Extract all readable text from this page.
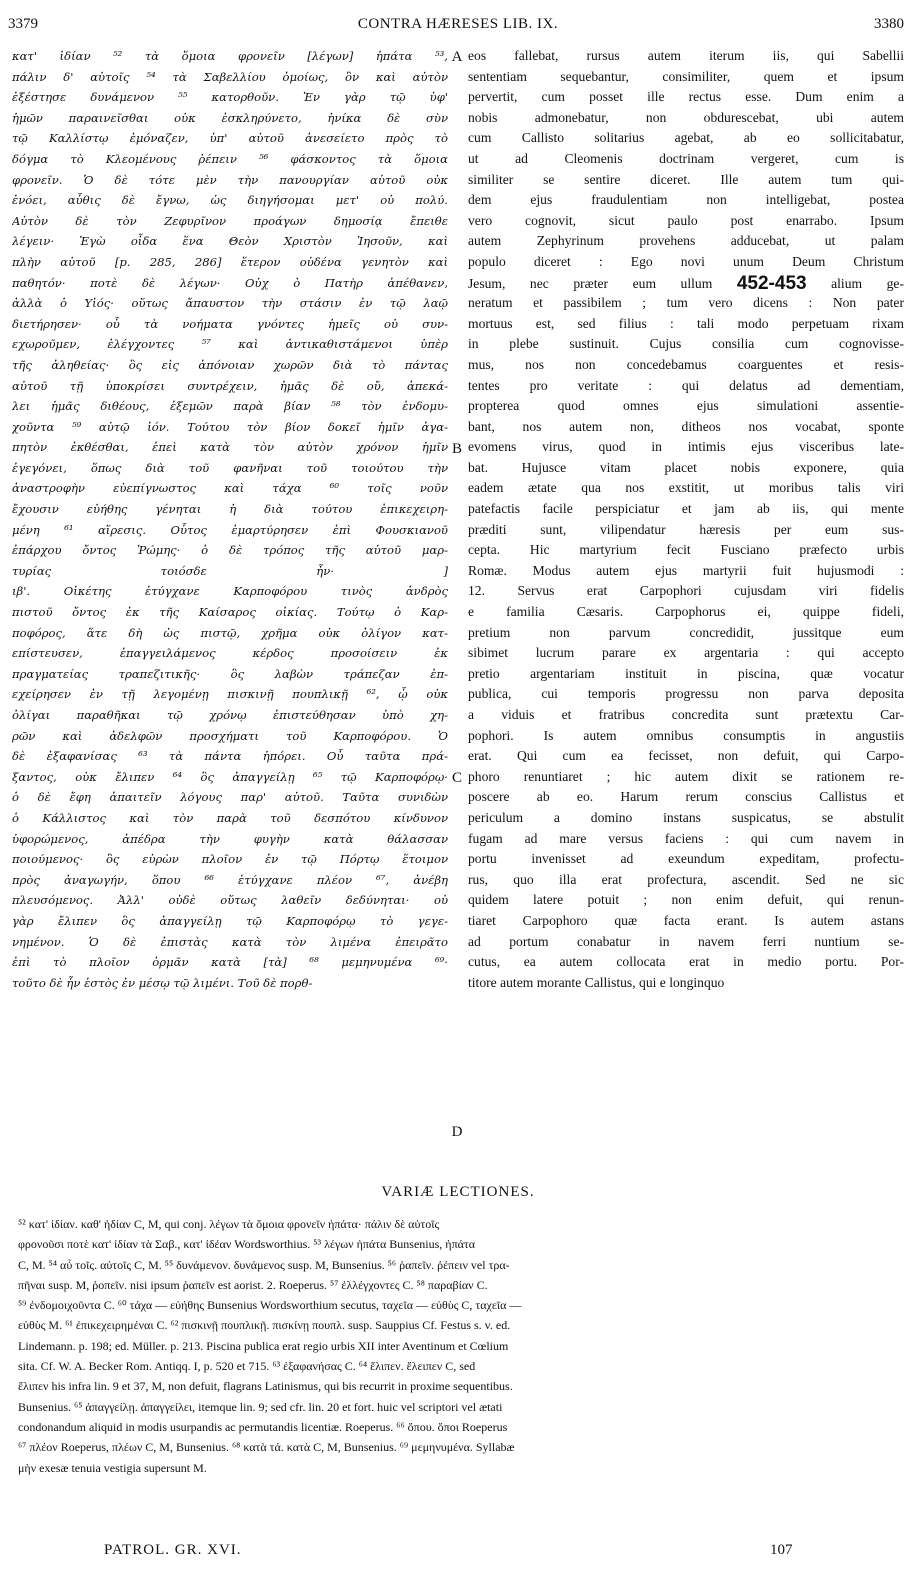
3379	CONTRA HÆRESES LIB. IX.	3380
κατ' ἰδίαν ⁵² τὰ ὅμοια φρονεῖν [λέγων] ἠπάτα ⁵³,
πάλιν δ' αὐτοῖς ⁵⁴ τὰ Σαβελλίου ὁμοίως, ὃν καὶ αὐτὸν
ἐξέστησε δυνάμενον ⁵⁵ κατορθοῦν. Ἐν γὰρ τῷ ὑφ'
ἡμῶν παραινεῖσθαι οὐκ ἐσκληρύνετο, ἡνίκα δὲ σὺν
τῷ Καλλίστῳ ἐμόναζεν, ὑπ' αὐτοῦ ἀνεσείετο πρὸς τὸ
δόγμα τὸ Κλεομένους ῥέπειν ⁵⁶ φάσκοντος τὰ ὅμοια
φρονεῖν. Ὁ δὲ τότε μὲν τὴν πανουργίαν αὐτοῦ οὐκ
ἐνόει, αὖθις δὲ ἔγνω, ὡς διηγήσομαι μετ' οὐ πολύ.
Αὐτὸν δὲ τὸν Ζεφυρῖνον προάγων δημοσίᾳ ἔπειθε
λέγειν· Ἐγὼ οἶδα ἕνα Θεὸν Χριστὸν Ἰησοῦν, καὶ
πλὴν αὐτοῦ [p. 285, 286] ἕτερον οὐδένα γενητὸν καὶ
παθητόν· ποτὲ δὲ λέγων· Οὐχ ὁ Πατὴρ ἀπέθανεν,
ἀλλὰ ὁ Υἱός· οὕτως ἄπαυστον τὴν στάσιν ἐν τῷ λαῷ
διετήρησεν· οὗ τὰ νοήματα γνόντες ἡμεῖς οὐ συν-
εχωροῦμεν, ἐλέγχοντες ⁵⁷ καὶ ἀντικαθιστάμενοι ὑπὲρ
τῆς ἀληθείας· ὃς εἰς ἀπόνοιαν χωρῶν διὰ τὸ πάντας
αὐτοῦ τῇ ὑποκρίσει συντρέχειν, ἡμᾶς δὲ οὔ, ἀπεκά-
λει ἡμᾶς διθέους, ἐξεμῶν παρὰ βίαν ⁵⁸ τὸν ἐνδομυ-
χοῦντα ⁵⁹ αὐτῷ ἰόν. Τούτου τὸν βίον δοκεῖ ἡμῖν ἀγα-
πητὸν ἐκθέσθαι, ἐπεὶ κατὰ τὸν αὐτὸν χρόνον ἡμῖν
ἐγεγόνει, ὅπως διὰ τοῦ φανῆναι τοῦ τοιούτου τὴν
ἀναστροφὴν εὐεπίγνωστος καὶ τάχα ⁶⁰ τοῖς νοῦν
ἔχουσιν εὐήθης γένηται ἡ διὰ τούτου ἐπικεχειρη-
μένη ⁶¹ αἵρεσις. Οὗτος ἐμαρτύρησεν ἐπὶ Φουσκιανοῦ
ἐπάρχου ὄντος Ῥώμης· ὁ δὲ τρόπος τῆς αὐτοῦ μαρ-
τυρίας τοιόσδε ἦν· ]
ιβ'. Οἰκέτης ἐτύγχανε Καρποφόρου τινὸς ἀνδρὸς
πιστοῦ ὄντος ἐκ τῆς Καίσαρος οἰκίας. Τούτῳ ὁ Καρ-
ποφόρος, ἅτε δὴ ὡς πιστῷ, χρῆμα οὐκ ὀλίγον κατ-
επίστευσεν, ἐπαγγειλάμενος κέρδος προσοίσειν ἐκ
πραγματείας τραπεζιτικῆς· ὃς λαβὼν τράπεζαν ἐπ-
εχείρησεν ἐν τῇ λεγομένῃ πισκινῇ πουπλικῇ ⁶², ᾧ οὐκ
ὀλίγαι παραθῆκαι τῷ χρόνῳ ἐπιστεύθησαν ὑπὸ χη-
ρῶν καὶ ἀδελφῶν προσχήματι τοῦ Καρποφόρου. Ὁ
δὲ ἐξαφανίσας ⁶³ τὰ πάντα ἠπόρει. Οὗ ταῦτα πρά-
ξαντος, οὐκ ἔλιπεν ⁶⁴ ὃς ἀπαγγείλῃ ⁶⁵ τῷ Καρποφόρῳ·
ὁ δὲ ἔφη ἀπαιτεῖν λόγους παρ' αὐτοῦ. Ταῦτα συνιδὼν
ὁ Κάλλιστος καὶ τὸν παρὰ τοῦ δεσπότου κίνδυνον
ὑφορώμενος, ἀπέδρα τὴν φυγὴν κατὰ θάλασσαν
ποιούμενος· ὃς εὑρὼν πλοῖον ἐν τῷ Πόρτῳ ἕτοιμον
πρὸς ἀναγωγήν, ὅπου ⁶⁶ ἐτύγχανε πλέον ⁶⁷, ἀνέβη
πλευσόμενος. Ἀλλ' οὐδὲ οὕτως λαθεῖν δεδύνηται· οὐ
γὰρ ἔλιπεν ὃς ἀπαγγείλῃ τῷ Καρποφόρῳ τὸ γεγε-
νημένον. Ὁ δὲ ἐπιστὰς κατὰ τὸν λιμένα ἐπειρᾶτο
ἐπὶ τὸ πλοῖον ὁρμᾶν κατὰ [τὰ] ⁶⁸ μεμηνυμένα ⁶⁹·
τοῦτο δὲ ἦν ἑστὸς ἐν μέσῳ τῷ λιμένι. Τοῦ δὲ πορθ-
A
B
C
D
eos fallebat, rursus autem iterum iis, qui Sabellii
sententiam sequebantur, consimiliter, quem et ipsum
pervertit, cum posset ille rectus esse. Dum enim a
nobis admonebatur, non obdurescebat, ubi autem
cum Callisto solitarius agebat, ab eo sollicitabatur,
ut ad Cleomenis doctrinam vergeret, cum is
similiter se sentire diceret. Ille autem tum qui-
dem ejus fraudulentiam non intelligebat, postea
vero cognovit, sicut paulo post enarrabo. Ipsum
autem Zephyrinum provehens adducebat, ut palam
populo diceret : Ego novi unum Deum Christum
Jesum, nec præter eum ullum 452-453 alium ge-
neratum et passibilem ; tum vero dicens : Non pater
mortuus est, sed filius : tali modo perpetuam rixam
in plebe sustinuit. Cujus consilia cum cognovisse-
mus, nos non concedebamus coarguentes et resis-
tentes pro veritate : qui delatus ad dementiam,
propterea quod omnes ejus simulationi assentie-
bant, nos autem non, ditheos nos vocabat, sponte
evomens virus, quod in intimis ejus visceribus late-
bat. Hujusce vitam placet nobis exponere, quia
eadem ætate qua nos exstitit, ut moribus talis viri
patefactis facile perspiciatur et jam ab iis, qui mente
præditi sunt, vilipendatur hæresis per eum sus-
cepta. Hic martyrium fecit Fusciano præfecto urbis
Romæ. Modus autem ejus martyrii fuit hujusmodi :
12. Servus erat Carpophori cujusdam viri fidelis
e familia Cæsaris. Carpophorus ei, quippe fideli,
pretium non parvum concredidit, jussitque eum
sibimet lucrum parare ex argentaria : qui accepto
pretio argentariam instituit in piscina, quæ vocatur
publica, cui temporis progressu non parva deposita
a viduis et fratribus concredita sunt prætextu Car-
pophori. Is autem omnibus consumptis in angustiis
erat. Qui cum ea fecisset, non defuit, qui Carpo-
phoro renuntiaret ; hic autem dixit se rationem re-
poscere ab eo. Harum rerum conscius Callistus et
periculum a domino instans suspicatus, se abstulit
fugam ad mare versus faciens : qui cum navem in
portu invenisset ad exeundum expeditam, profectu-
rus, quo illa erat profectura, ascendit. Sed ne sic
quidem latere potuit ; non enim defuit, qui renun-
tiaret Carpophoro quæ facta erant. Is autem astans
ad portum conabatur in navem ferri nuntium se-
cutus, ea autem collocata erat in medio portu. Por-
titore autem morante Callistus, qui e longinquo
VARIÆ LECTIONES.
⁵² κατ' ἰδίαν. καθ' ἡδίαν C, M, qui conj. λέγων τὰ ὅμοια φρονεῖν ἠπάτα· πάλιν δὲ αὐτοῖς
φρονοῦσι ποτὲ κατ' ἰδίαν τὰ Σαβ., κατ' ἰδέαν Wordsworthius. ⁵³ λέγων ἠπάτα Bunsenius, ἠπάτα
C, M. ⁵⁴ αὖ τοῖς. αὐτοῖς C, M. ⁵⁵ δυνάμενον. δυνάμενος susp. M, Bunsenius. ⁵⁶ ῥαπεῖν. ῥέπειν vel τρα-
πῆναι susp. M, ῥοπεῖν. nisi ipsum ῥαπεῖν est aorist. 2. Roeperus. ⁵⁷ ἐλλέγχοντες C. ⁵⁸ παραβίαν C.
⁵⁹ ἐνδομοιχοῦντα C. ⁶⁰ τάχα — εὐήθης Bunsenius Wordsworthium secutus, ταχεῖα — εὐθὺς C, ταχεῖα —
εὐθὺς M. ⁶¹ ἐπικεχειρημέναι C. ⁶² πισκινῇ πουπλικῇ. πισκίνῃ πουπλ. susp. Sauppius Cf. Festus s. v. ed.
Lindemann. p. 198; ed. Müller. p. 213. Piscina publica erat regio urbis XII inter Aventinum et Cœlium
sita. Cf. W. A. Becker Rom. Antiqq. I, p. 520 et 715. ⁶³ ἐξαφανήσας C. ⁶⁴ ἔλιπεν. ἔλειπεν C, sed
ἔλιπεν his infra lin. 9 et 37, M, non defuit, flagrans Latinismus, qui bis recurrit in proxime sequentibus.
Bunsenius. ⁶⁵ ἀπαγγείλῃ. ἀπαγγείλει, itemque lin. 9; sed cfr. lin. 20 et fort. huic vel scriptori vel ætati
condonandum aliquid in modis usurpandis ac permutandis licentiæ. Roeperus. ⁶⁶ ὅπου. ὅποι Roeperus
⁶⁷ πλέον Roeperus, πλέων C, M, Bunsenius. ⁶⁸ κατὰ τά. κατὰ C, M, Bunsenius. ⁶⁹ μεμηνυμένα. Syllabæ
μὴν exesæ tenuia vestigia supersunt M.
PATROL. GR. XVI.	107
